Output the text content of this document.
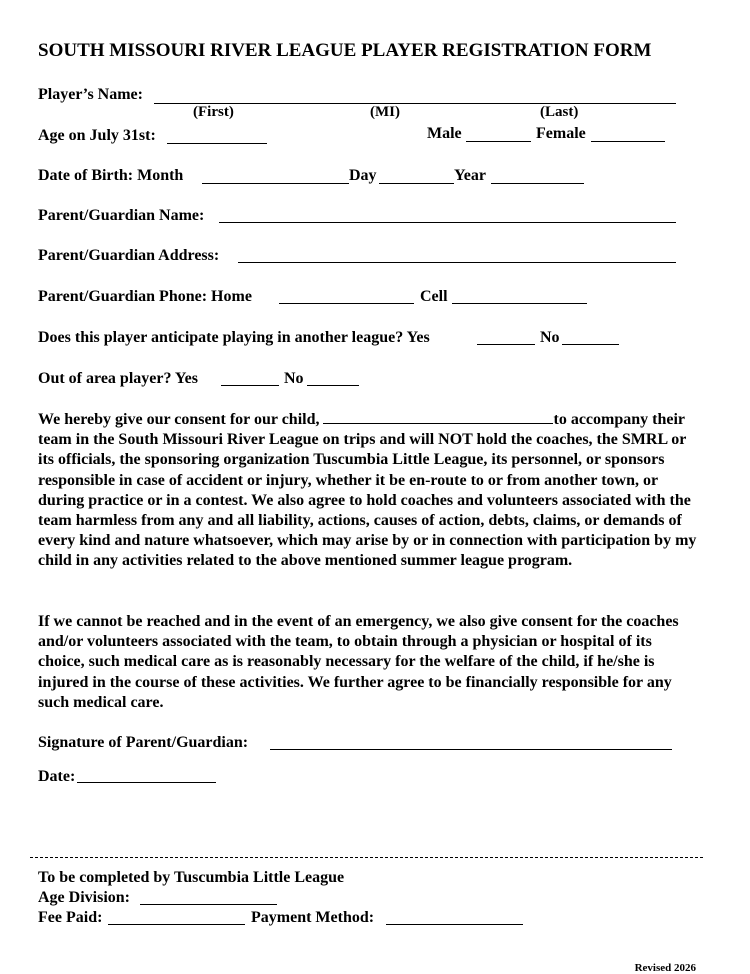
SOUTH MISSOURI RIVER LEAGUE PLAYER REGISTRATION FORM
Player’s Name:
(First)	(MI)	(Last)
Age on July 31st:	Male	Female
Date of Birth: Month	Day	Year
Parent/Guardian Name:
Parent/Guardian Address:
Parent/Guardian Phone: Home	Cell
Does this player anticipate playing in another league? Yes	No
Out of area player? Yes	No
We hereby give our consent for our child,	to accompany their team in the South Missouri River League on trips and will NOT hold the coaches, the SMRL or its officials, the sponsoring organization Tuscumbia Little League, its personnel, or sponsors responsible in case of accident or injury, whether it be en-route to or from another town, or during practice or in a contest. We also agree to hold coaches and volunteers associated with the team harmless from any and all liability, actions, causes of action, debts, claims, or demands of every kind and nature whatsoever, which may arise by or in connection with participation by my child in any activities related to the above mentioned summer league program.
If we cannot be reached and in the event of an emergency, we also give consent for the coaches and/or volunteers associated with the team, to obtain through a physician or hospital of its choice, such medical care as is reasonably necessary for the welfare of the child, if he/she is injured in the course of these activities. We further agree to be financially responsible for any such medical care.
Signature of Parent/Guardian:
Date:
To be completed by Tuscumbia Little League
Age Division:
Fee Paid:	Payment Method:
Revised 2026
